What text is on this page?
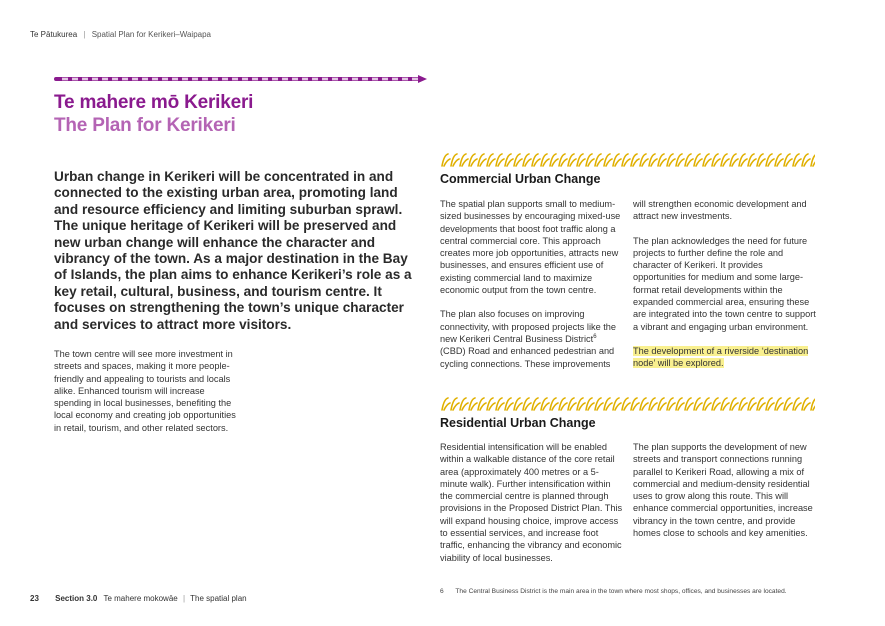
Te Pātukurea | Spatial Plan for Kerikeri–Waipapa
Te mahere mō Kerikeri
The Plan for Kerikeri
Urban change in Kerikeri will be concentrated in and connected to the existing urban area, promoting land and resource efficiency and limiting suburban sprawl. The unique heritage of Kerikeri will be preserved and new urban change will enhance the character and vibrancy of the town. As a major destination in the Bay of Islands, the plan aims to enhance Kerikeri’s role as a key retail, cultural, business, and tourism centre. It focuses on strengthening the town’s unique character and services to attract more visitors.
The town centre will see more investment in streets and spaces, making it more people-friendly and appealing to tourists and locals alike. Enhanced tourism will increase spending in local businesses, benefiting the local economy and creating job opportunities in retail, tourism, and other related sectors.
Commercial Urban Change

The spatial plan supports small to medium-sized businesses by encouraging mixed-use developments that boost foot traffic along a central commercial core. This approach creates more job opportunities, attracts new businesses, and ensures efficient use of existing commercial land to maximize economic output from the town centre.

The plan also focuses on improving connectivity, with proposed projects like the new Kerikeri Central Business District$^6$ (CBD) Road and enhanced pedestrian and cycling connections. These improvements

will strengthen economic development and attract new investments.

The plan acknowledges the need for future projects to further define the role and character of Kerikeri. It provides opportunities for medium and some large-format retail developments within the expanded commercial area, ensuring these are integrated into the town centre to support a vibrant and engaging urban environment.

The development of a riverside ‘destination node’ will be explored.

Residential Urban Change

Residential intensification will be enabled within a walkable distance of the core retail area (approximately 400 metres or a 5-minute walk). Further intensification within the commercial centre is planned through provisions in the Proposed District Plan. This will expand housing choice, improve access to essential services, and increase foot traffic, enhancing the vibrancy and economic viability of local businesses.

The plan supports the development of new streets and transport connections running parallel to Kerikeri Road, allowing a mix of commercial and medium-density residential uses to grow along this route. This will enhance commercial opportunities, increase vibrancy in the town centre, and provide homes close to schools and key amenities.

23 Section 3.0 Te mahere mokowāe | The spatial plan
6 The Central Business District is the main area in the town where most shops, offices, and businesses are located.
